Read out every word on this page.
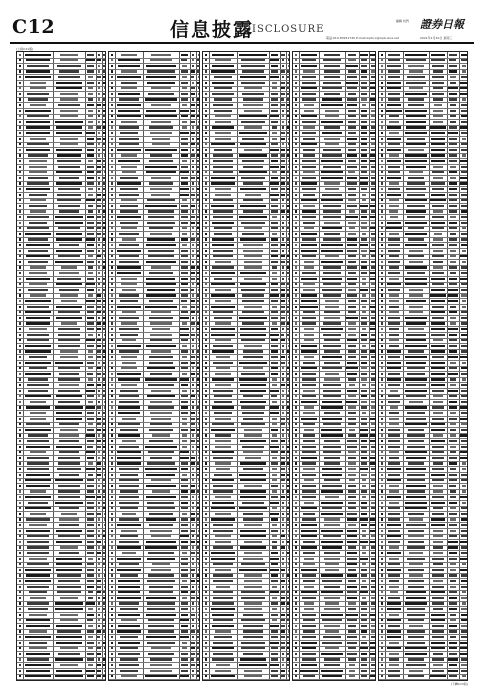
C12	信息披露
DISCLOSURE
編輯 校對
電話:010-83251730 E-mail:zqrbcc@zqrb.sina.net
證券日報
2021年1月20日 星期三
(上接C11版)
(下轉C13版)
